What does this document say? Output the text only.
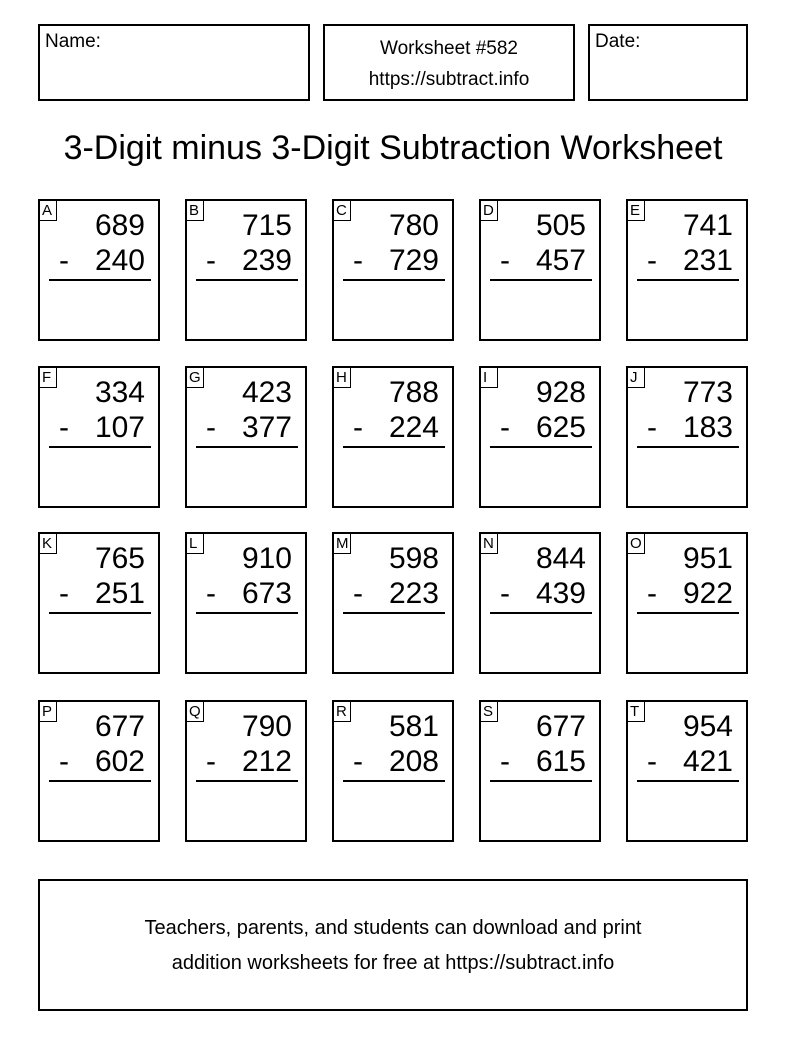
Name:	Worksheet #582
https://subtract.info
Date:
3-Digit minus 3-Digit Subtraction Worksheet
A 689
- 240
B 715
- 239
C 780
- 729
D 505
- 457
E 741
- 231
F 334
- 107
G 423
- 377
H 788
- 224
I	928
- 625
J 773
- 183
K 765
- 251
L 910
- 673
M 598
- 223
N 844
- 439
O 951
- 922
P 677
- 602
Q 790
- 212
R 581
- 208
S 677
- 615
T 954
- 421
Teachers, parents, and students can download and print
addition worksheets for free at https://subtract.info
